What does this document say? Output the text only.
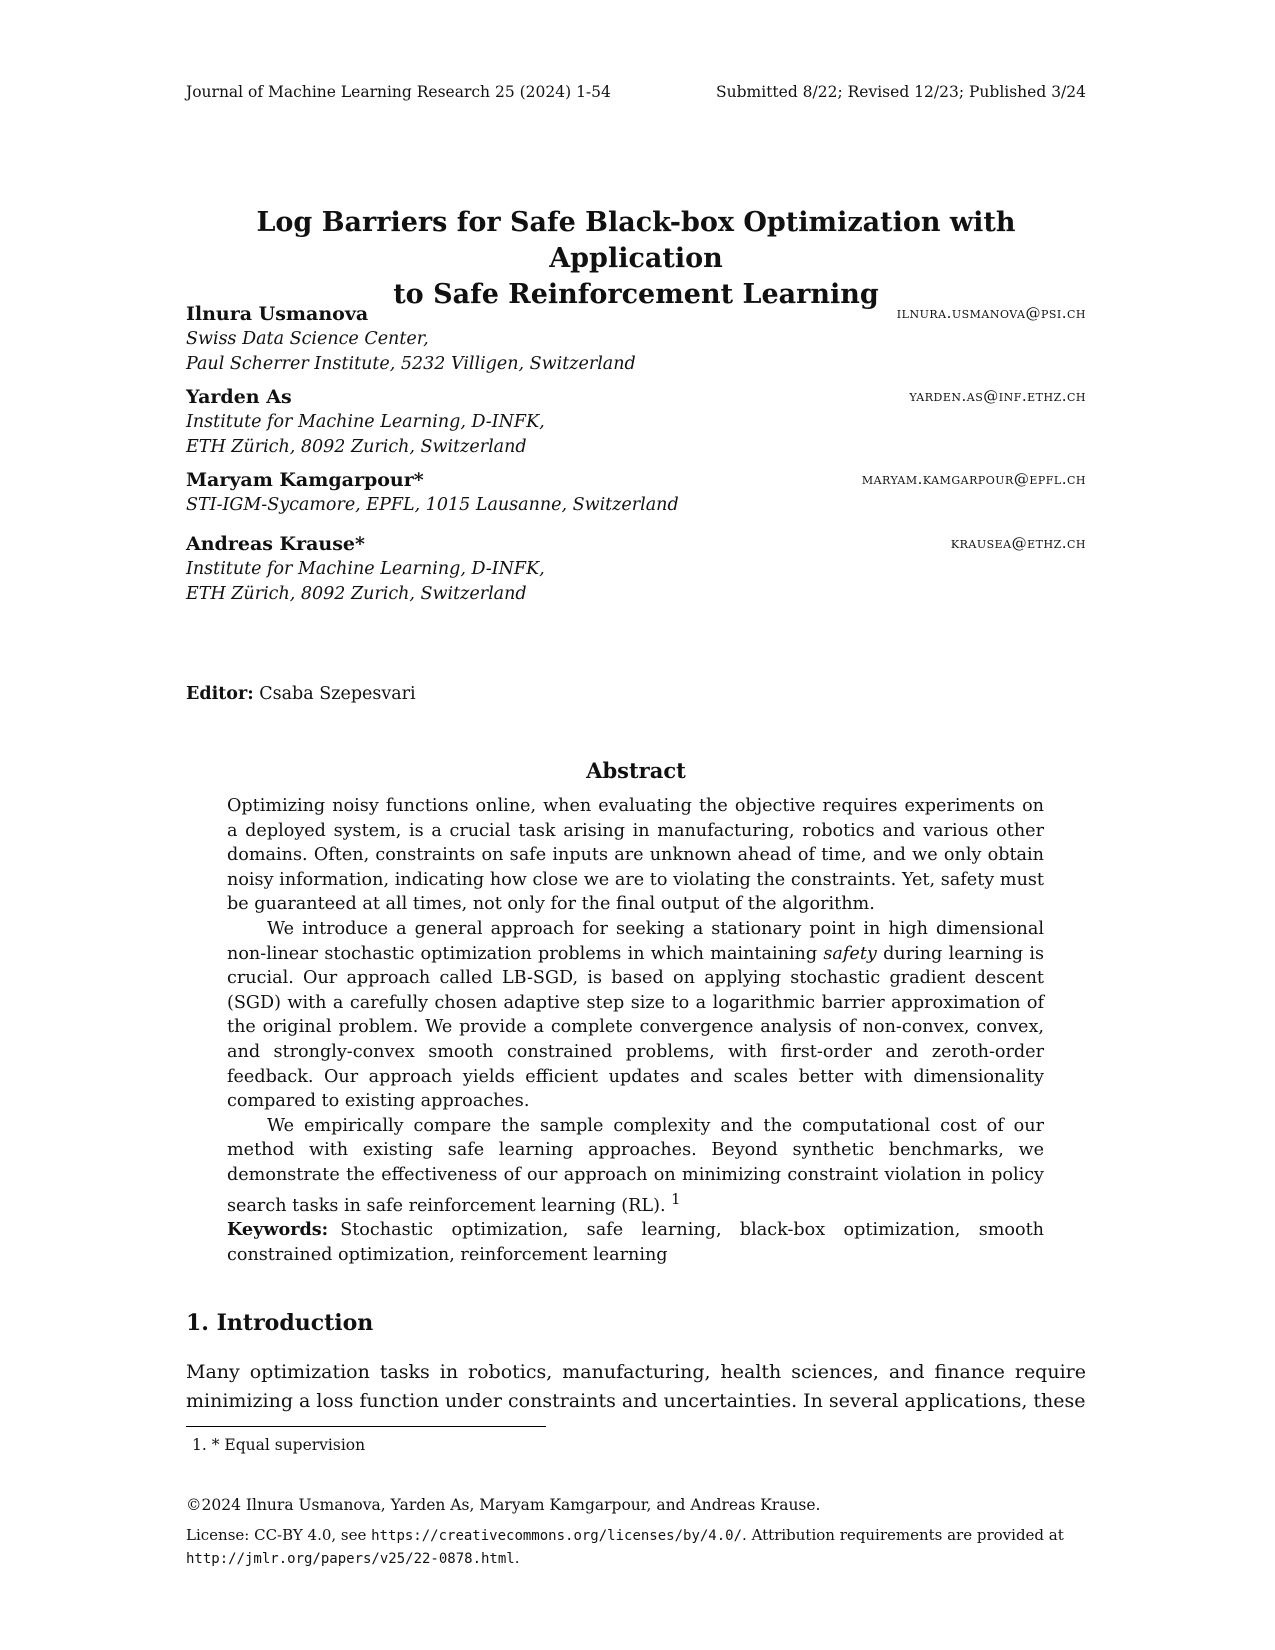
Journal of Machine Learning Research 25 (2024) 1-54	Submitted 8/22; Revised 12/23; Published 3/24
Log Barriers for Safe Black-box Optimization with Application
to Safe Reinforcement Learning
Ilnura Usmanova	ilnura.usmanova@psi.ch
Swiss Data Science Center,
Paul Scherrer Institute, 5232 Villigen, Switzerland
Yarden As	yarden.as@inf.ethz.ch
Institute for Machine Learning, D-INFK,
ETH Zürich, 8092 Zurich, Switzerland
Maryam Kamgarpour*	maryam.kamgarpour@epfl.ch
STI-IGM-Sycamore, EPFL, 1015 Lausanne, Switzerland
Andreas Krause*	krausea@ethz.ch
Institute for Machine Learning, D-INFK,
ETH Zürich, 8092 Zurich, Switzerland
Editor: Csaba Szepesvari
Abstract

Optimizing noisy functions online, when evaluating the objective requires experiments on a deployed system, is a crucial task arising in manufacturing, robotics and various other domains. Often, constraints on safe inputs are unknown ahead of time, and we only obtain noisy information, indicating how close we are to violating the constraints. Yet, safety must be guaranteed at all times, not only for the final output of the algorithm.

We introduce a general approach for seeking a stationary point in high dimensional non-linear stochastic optimization problems in which maintaining safety during learning is crucial. Our approach called LB-SGD, is based on applying stochastic gradient descent (SGD) with a carefully chosen adaptive step size to a logarithmic barrier approximation of the original problem. We provide a complete convergence analysis of non-convex, convex, and strongly-convex smooth constrained problems, with first-order and zeroth-order feedback. Our approach yields efficient updates and scales better with dimensionality compared to existing approaches.

We empirically compare the sample complexity and the computational cost of our method with existing safe learning approaches. Beyond synthetic benchmarks, we demonstrate the effectiveness of our approach on minimizing constraint violation in policy search tasks in safe reinforcement learning (RL). $^1$

Keywords: Stochastic optimization, safe learning, black-box optimization, smooth constrained optimization, reinforcement learning

1. Introduction
Many optimization tasks in robotics, manufacturing, health sciences, and finance require minimizing a loss function under constraints and uncertainties. In several applications, these
1. * Equal supervision
©2024 Ilnura Usmanova, Yarden As, Maryam Kamgarpour, and Andreas Krause.
License: CC-BY 4.0, see https://creativecommons.org/licenses/by/4.0/. Attribution requirements are provided at http://jmlr.org/papers/v25/22-0878.html.
